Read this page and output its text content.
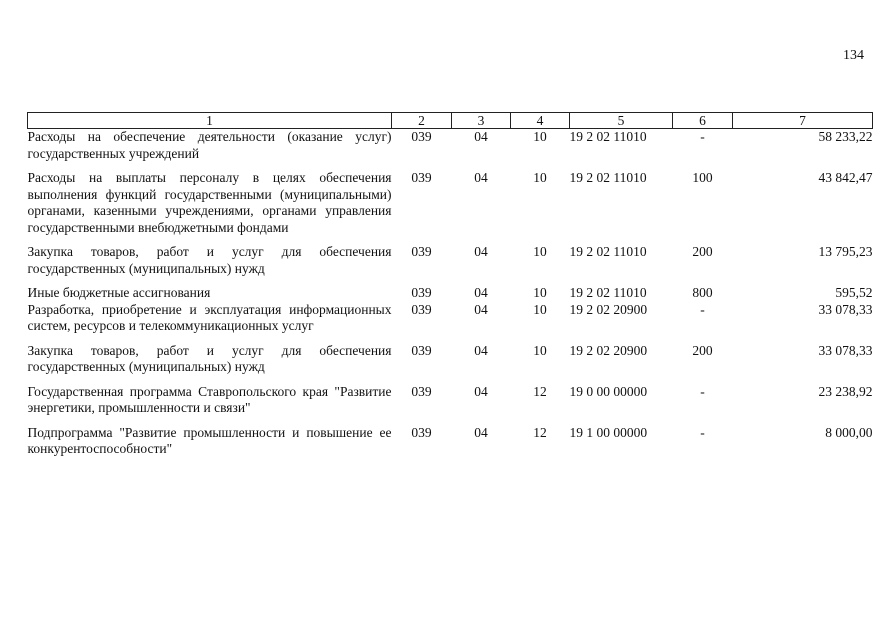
134
1	2	3	4	5	6	7
Расходы на обеспечение деятельности (оказание услуг) государственных учреждений	039	04	10	19 2 02 11010	-	58 233,22
Расходы на выплаты персоналу в целях обеспечения выполнения функций государственными (муниципальными) органами, казенными учреждениями, органами управления государственными внебюджетными фондами	039	04	10	19 2 02 11010	100	43 842,47
Закупка товаров, работ и услуг для обеспечения государственных (муниципальных) нужд	039	04	10	19 2 02 11010	200	13 795,23
Иные бюджетные ассигнования	039	04	10	19 2 02 11010	800	595,52
Разработка, приобретение и эксплуатация информационных систем, ресурсов и телекоммуникационных услуг	039	04	10	19 2 02 20900	-	33 078,33
Закупка товаров, работ и услуг для обеспечения государственных (муниципальных) нужд	039	04	10	19 2 02 20900	200	33 078,33
Государственная программа Ставропольского края "Развитие энергетики, промышленности и связи"	039	04	12	19 0 00 00000	-	23 238,92
Подпрограмма "Развитие промышленности и повышение ее конкурентоспособности"	039	04	12	19 1 00 00000	-	8 000,00
